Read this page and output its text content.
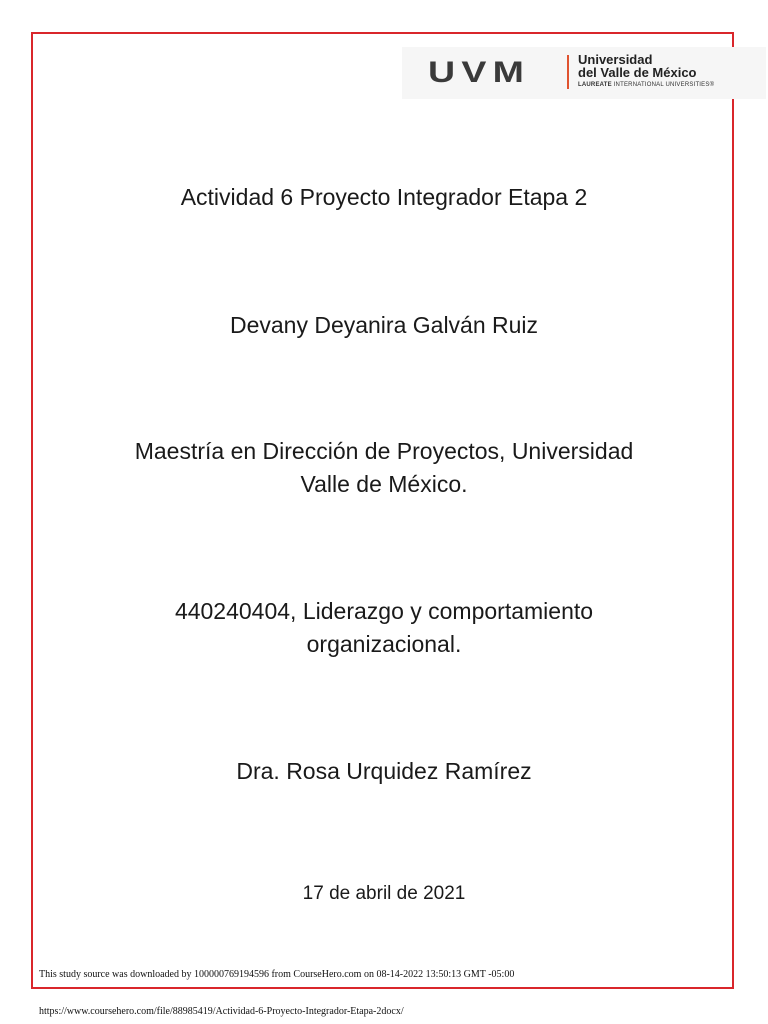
UVM	Universidad
del Valle de México
LAUREATE INTERNATIONAL UNIVERSITIES®

Actividad 6 Proyecto Integrador Etapa 2

Devany Deyanira Galván Ruiz

Maestría en Dirección de Proyectos, Universidad

Valle de México.

440240404, Liderazgo y comportamiento

organizacional.

Dra. Rosa Urquidez Ramírez

17 de abril de 2021

This study source was downloaded by 100000769194596 from CourseHero.com on 08-14-2022 13:50:13 GMT -05:00
https://www.coursehero.com/file/88985419/Actividad-6-Proyecto-Integrador-Etapa-2docx/
